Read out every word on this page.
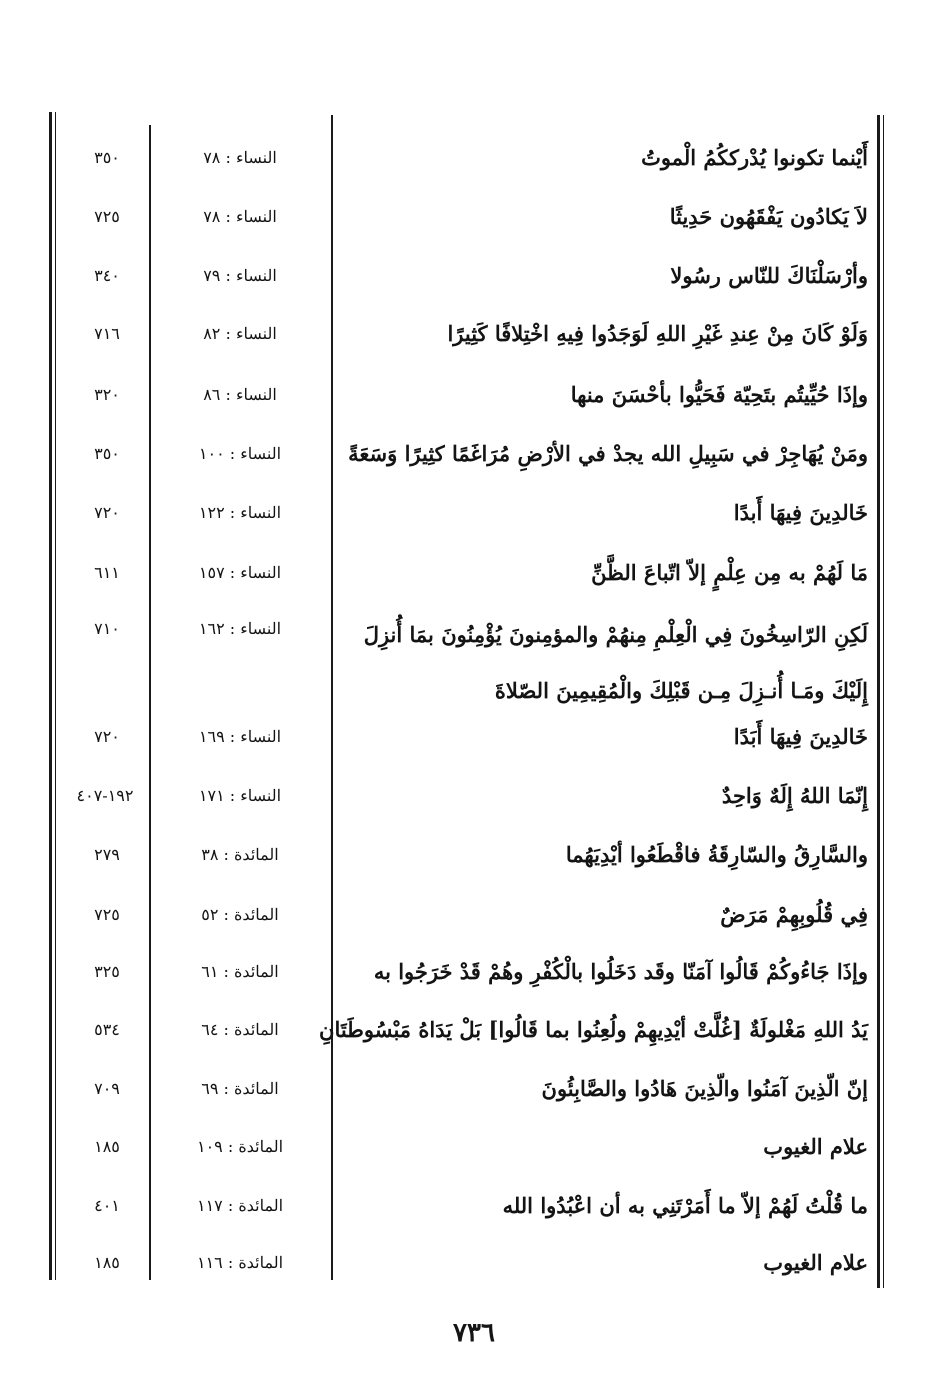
أَيْنما تكونوا يُدْرككُمُ الْموتُ
النساء : ٧٨
٣٥٠
لاَ يَكادُون يَفْقَهُون حَدِيثًا
النساء : ٧٨
٧٢٥
وأرْسَلْنَاكَ للنّاس رسُولا
النساء : ٧٩
٣٤٠
وَلَوْ كَانَ مِنْ عِندِ غَيْرِ اللهِ لَوَجَدُوا فِيهِ اخْتِلافًا كَثِيرًا
النساء : ٨٢
٧١٦
وإذَا حُيِّيتُم بتَحِيّة فَحَيُّوا بأحْسَنَ منها
النساء : ٨٦
٣٢٠
ومَنْ يُهَاجِرْ في سَبِيلِ الله يجدْ في الأرْضِ مُرَاغَمًا كثِيرًا وَسَعَةً
النساء : ١٠٠
٣٥٠
خَالدِينَ فِيهَا أَبدًا
النساء : ١٢٢
٧٢٠
مَا لَهُمْ به مِن عِلْمٍ إلاّ اتّباعَ الظَّنِّ
النساء : ١٥٧
٦١١
لَكِنِ الرّاسِخُونَ فِي الْعِلْمِ مِنهُمْ والمؤمِنونَ يُؤْمِنُونَ بمَا أُنزِلَ إِلَيْكَ ومَـا أُنـزِلَ مِـن قَبْلِكَ والْمُقِيمِينَ الصّلاةَ
النساء : ١٦٢
٧١٠
خَالدِينَ فِيهَا أَبَدًا
النساء : ١٦٩
٧٢٠
إِنّمَا اللهُ إِلَهٌ وَاحِدٌ
النساء : ١٧١
١٩٢-٤٠٧
والسَّارِقُ والسّارِقَةُ فاقْطَعُوا أيْدِيَهُما
المائدة : ٣٨
٢٧٩
فِي قُلُوبِهِمْ مَرَضٌ
المائدة : ٥٢
٧٢٥
وإذَا جَاءُوكُمْ قَالُوا آمَنّا وقَد دَخَلُوا بالْكُفْرِ وهُمْ قَدْ خَرَجُوا به
المائدة : ٦١
٣٢٥
يَدُ اللهِ مَغْلولَةٌ [غُلَّتْ أيْدِيهِمْ ولُعِنُوا بما قَالُوا] بَلْ يَدَاهُ مَبْسُوطَتَانِ
المائدة : ٦٤
٥٣٤
إنّ الّذِينَ آمَنُوا والّذِينَ هَادُوا والصَّابِئُونَ
المائدة : ٦٩
٧٠٩
علام الغيوب
المائدة : ١٠٩
١٨٥
ما قُلْتُ لَهُمْ إلاّ ما أَمَرْتَنِي به أن اعْبُدُوا الله
المائدة : ١١٧
٤٠١
علام الغيوب
المائدة : ١١٦
١٨٥
٧٣٦
